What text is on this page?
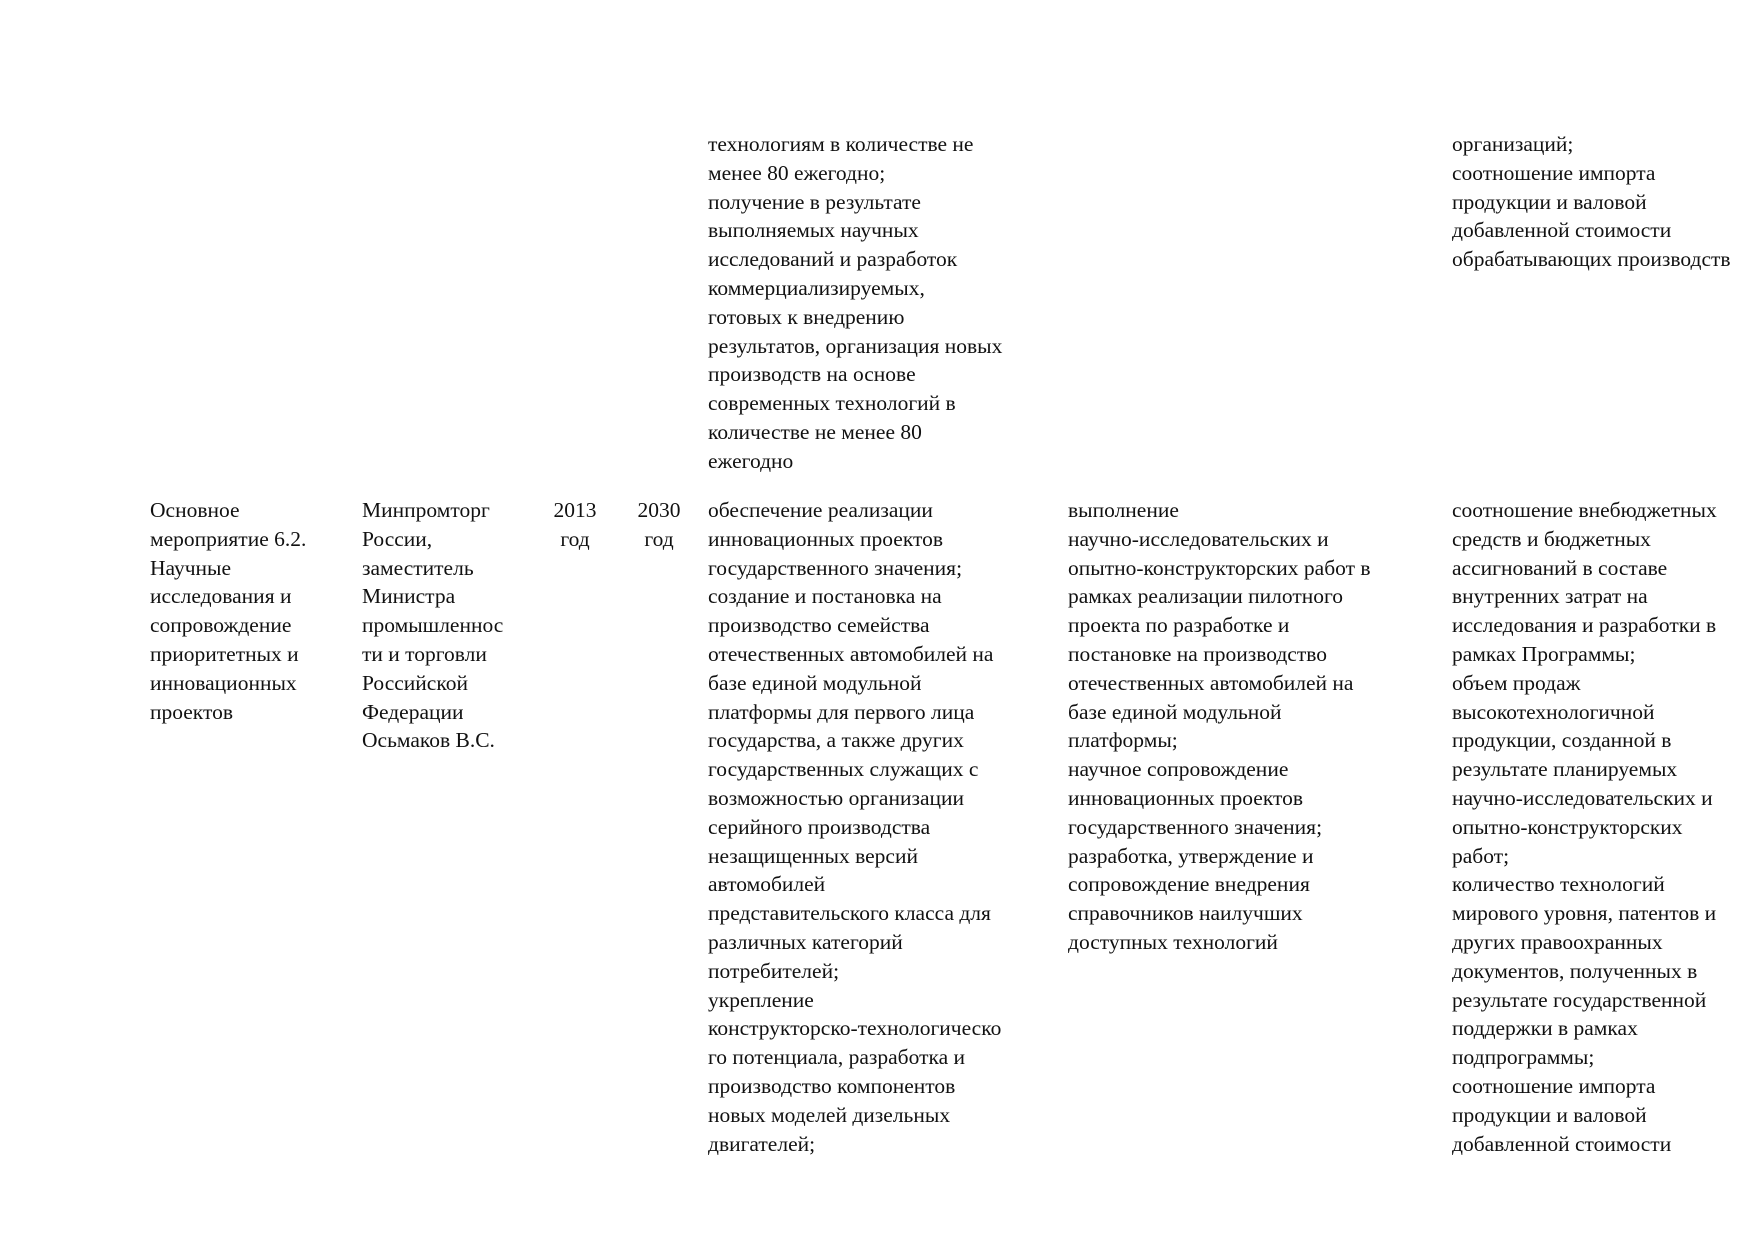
технологиям в количестве не
менее 80 ежегодно;
получение в результате
выполняемых научных
исследований и разработок
коммерциализируемых,
готовых к внедрению
результатов, организация новых
производств на основе
современных технологий в
количестве не менее 80
ежегодно
организаций;
соотношение импорта
продукции и валовой
добавленной стоимости
обрабатывающих производств
Основное
мероприятие 6.2.
Научные
исследования и
сопровождение
приоритетных и
инновационных
проектов
Минпромторг
России,
заместитель
Министра
промышленнос
ти и торговли
Российской
Федерации
Осьмаков В.С.
2013
год
2030
год
обеспечение реализации
инновационных проектов
государственного значения;
создание и постановка на
производство семейства
отечественных автомобилей на
базе единой модульной
платформы для первого лица
государства, а также других
государственных служащих с
возможностью организации
серийного производства
незащищенных версий
автомобилей
представительского класса для
различных категорий
потребителей;
укрепление
конструкторско-технологическо
го потенциала, разработка и
производство компонентов
новых моделей дизельных
двигателей;
выполнение
научно-исследовательских и
опытно-конструкторских работ в
рамках реализации пилотного
проекта по разработке и
постановке на производство
отечественных автомобилей на
базе единой модульной
платформы;
научное сопровождение
инновационных проектов
государственного значения;
разработка, утверждение и
сопровождение внедрения
справочников наилучших
доступных технологий
соотношение внебюджетных
средств и бюджетных
ассигнований в составе
внутренних затрат на
исследования и разработки в
рамках Программы;
объем продаж
высокотехнологичной
продукции, созданной в
результате планируемых
научно-исследовательских и
опытно-конструкторских
работ;
количество технологий
мирового уровня, патентов и
других правоохранных
документов, полученных в
результате государственной
поддержки в рамках
подпрограммы;
соотношение импорта
продукции и валовой
добавленной стоимости
